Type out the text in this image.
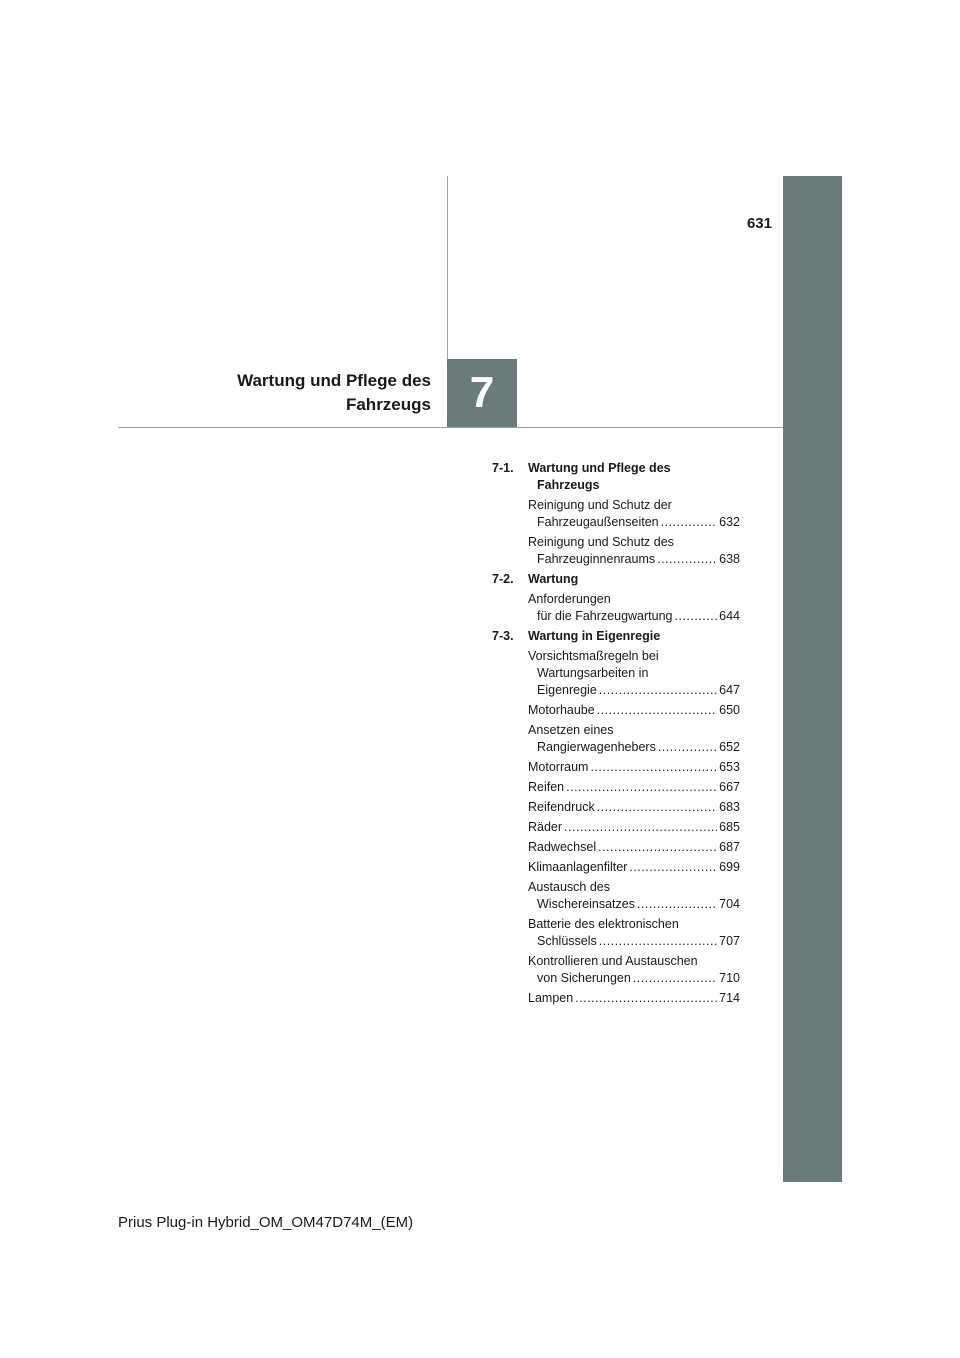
631
Wartung und Pflege des
Fahrzeugs 7
7-1. Wartung und Pflege des
Fahrzeugs
Reinigung und Schutz der
Fahrzeugaußenseiten .....	632
Reinigung und Schutz des
Fahrzeuginnenraums .....	638
7-2. Wartung
Anforderungen
für die Fahrzeugwartung .....	644
7-3. Wartung in Eigenregie
Vorsichtsmaßregeln bei
Wartungsarbeiten in
Eigenregie .....	647
Motorhaube .....	650
Ansetzen eines
Rangierwagenhebers .....	652
Motorraum .....	653
Reifen .....	667
Reifendruck .....	683
Räder .....	685
Radwechsel .....	687
Klimaanlagenfilter .....	699
Austausch des
Wischereinsatzes .....	704
Batterie des elektronischen
Schlüssels .....	707
Kontrollieren und Austauschen
von Sicherungen .....	710
Lampen .....	714
Prius Plug-in Hybrid_OM_OM47D74M_(EM)
